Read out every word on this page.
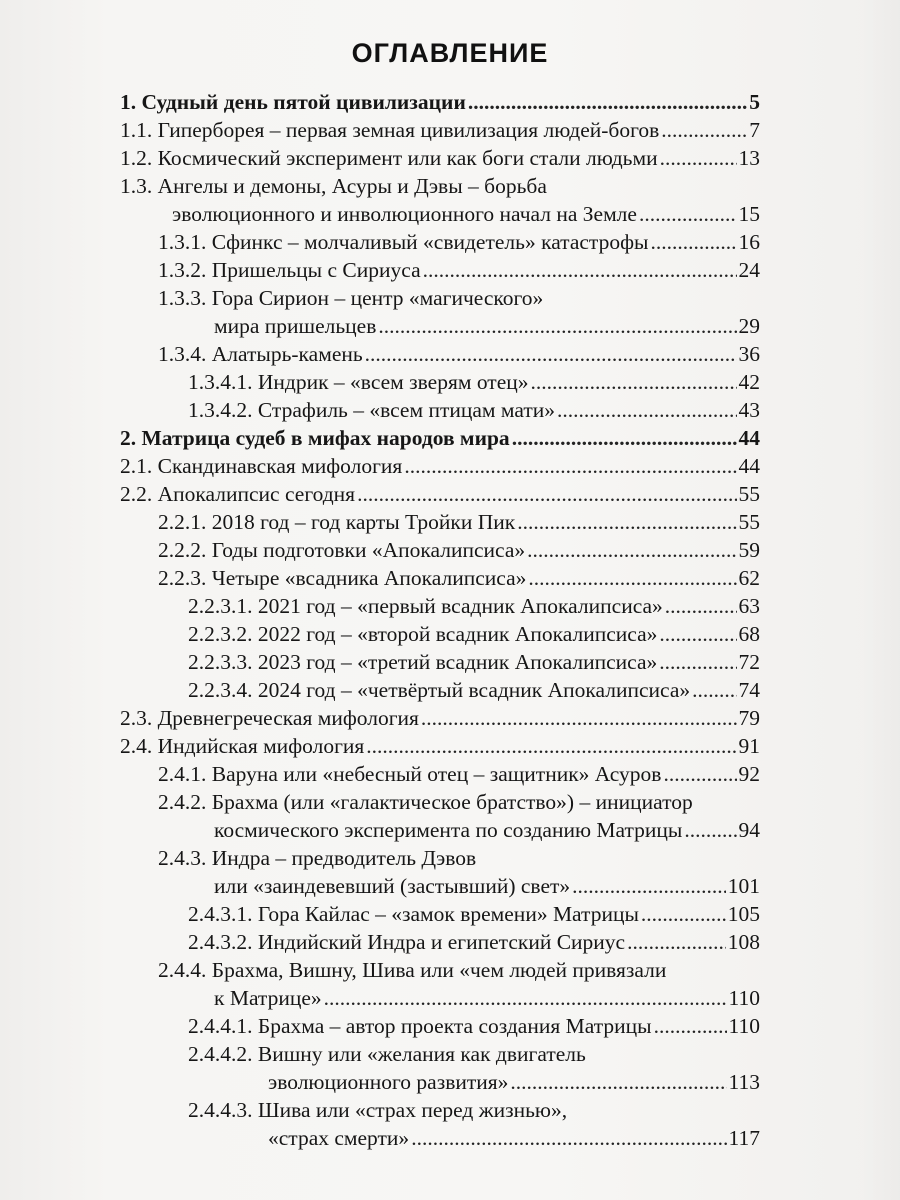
ОГЛАВЛЕНИЕ
1. Судный день пятой цивилизации .....	5
1.1. Гиперборея – первая земная цивилизация людей-богов .....	7
1.2. Космический эксперимент или как боги стали людьми .....	13
1.3. Ангелы и демоны, Асуры и Дэвы – борьба
эволюционного и инволюционного начал на Земле .....	15
1.3.1. Сфинкс – молчаливый «свидетель» катастрофы .....	16
1.3.2. Пришельцы с Сириуса .....	24
1.3.3. Гора Сирион – центр «магического»
мира пришельцев .....	29
1.3.4. Алатырь-камень .....	36
1.3.4.1. Индрик – «всем зверям отец» .....	42
1.3.4.2. Страфиль – «всем птицам мати» .....	43
2. Матрица судеб в мифах народов мира .....	44
2.1. Скандинавская мифология .....	44
2.2. Апокалипсис сегодня .....	55
2.2.1. 2018 год – год карты Тройки Пик .....	55
2.2.2. Годы подготовки «Апокалипсиса» .....	59
2.2.3. Четыре «всадника Апокалипсиса» .....	62
2.2.3.1. 2021 год – «первый всадник Апокалипсиса» .....	63
2.2.3.2. 2022 год – «второй всадник Апокалипсиса» .....	68
2.2.3.3. 2023 год – «третий всадник Апокалипсиса» .....	72
2.2.3.4. 2024 год – «четвёртый всадник Апокалипсиса» ..... 74
2.3. Древнегреческая мифология .....	79
2.4. Индийская мифология .....	91
2.4.1. Варуна или «небесный отец – защитник» Асуров .....	92
2.4.2. Брахма (или «галактическое братство») – инициатор
космического эксперимента по созданию Матрицы .....	94
2.4.3. Индра – предводитель Дэвов
или «заиндевевший (застывший) свет» .....	101
2.4.3.1. Гора Кайлас – «замок времени» Матрицы .....	105
2.4.3.2. Индийский Индра и египетский Сириус .....	108
2.4.4. Брахма, Вишну, Шива или «чем людей привязали
к Матрице» .....	110
2.4.4.1. Брахма – автор проекта создания Матрицы .....	110
2.4.4.2. Вишну или «желания как двигатель
эволюционного развития» .....	113
2.4.4.3. Шива или «страх перед жизнью»,
«страх смерти» .....	117
